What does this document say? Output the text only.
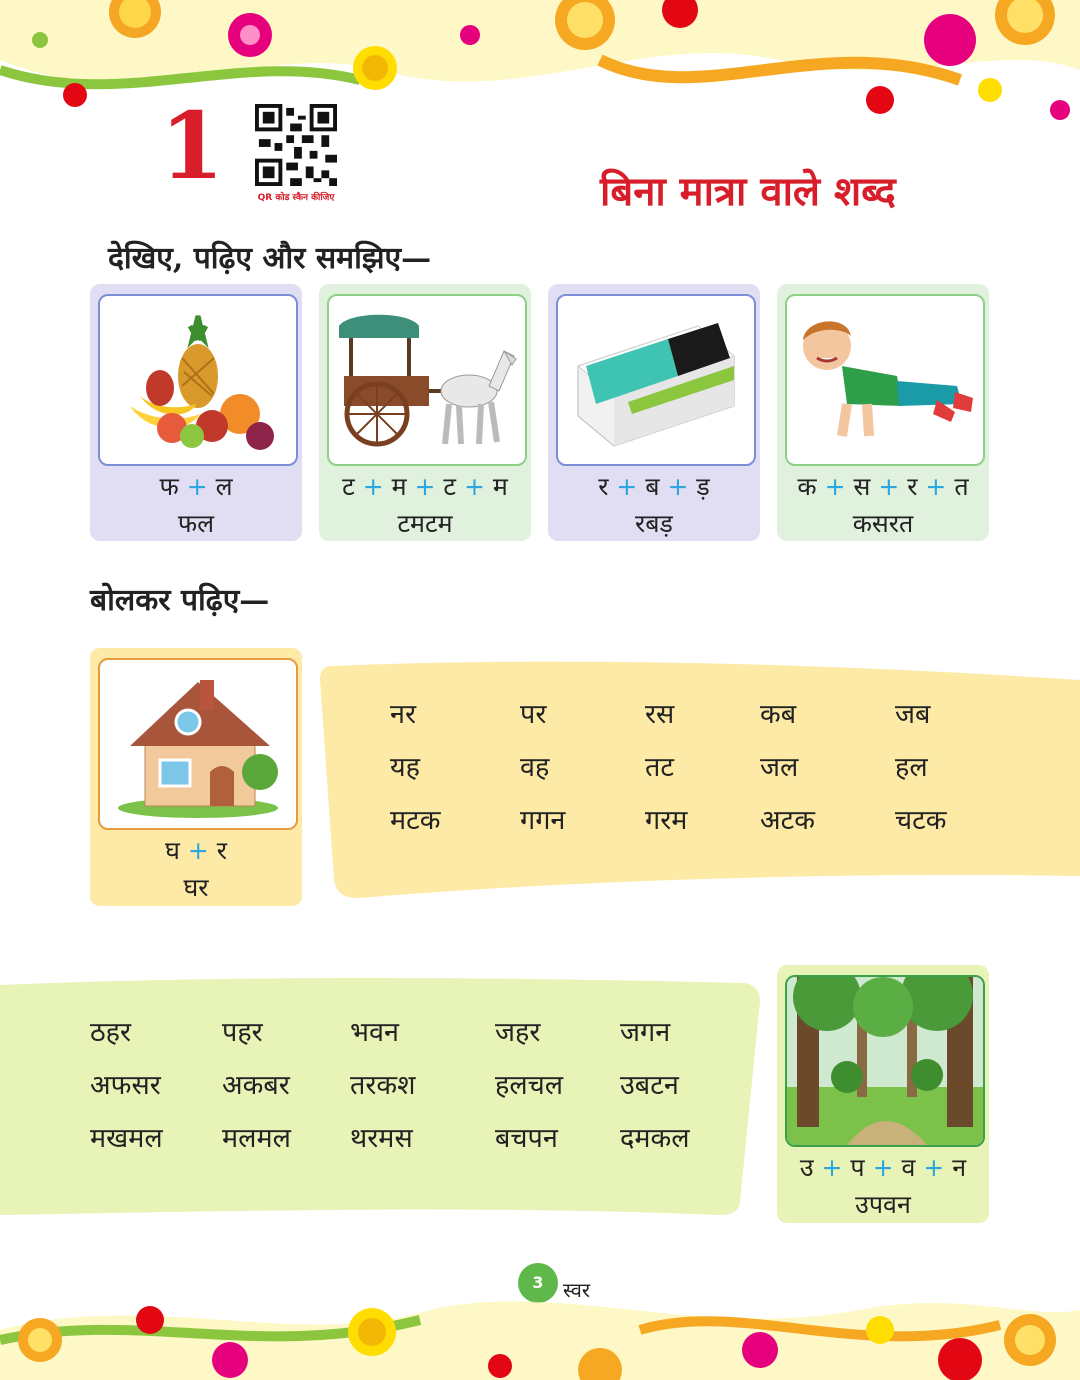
1	QR कोड स्कैन कीजिए	बिना मात्रा वाले शब्द
देखिए, पढ़िए और समझिए—
फ + ल
फल
ट + म + ट + म
टमटम
र + ब + ड़
रबड़
क + स + र + त
कसरत
बोलकर पढ़िए—
घ + र
घर
नर	पर	रस	कब	जब
यह	वह	तट	जल	हल
मटक	गगन	गरम	अटक	चटक
ठहर	पहर	भवन	जहर	जगन
अफसर अकबर तरकश	हलचल उबटन
मखमल मलमल थरमस	बचपन दमकल
उ + प + व + न
उपवन
3 स्वर
